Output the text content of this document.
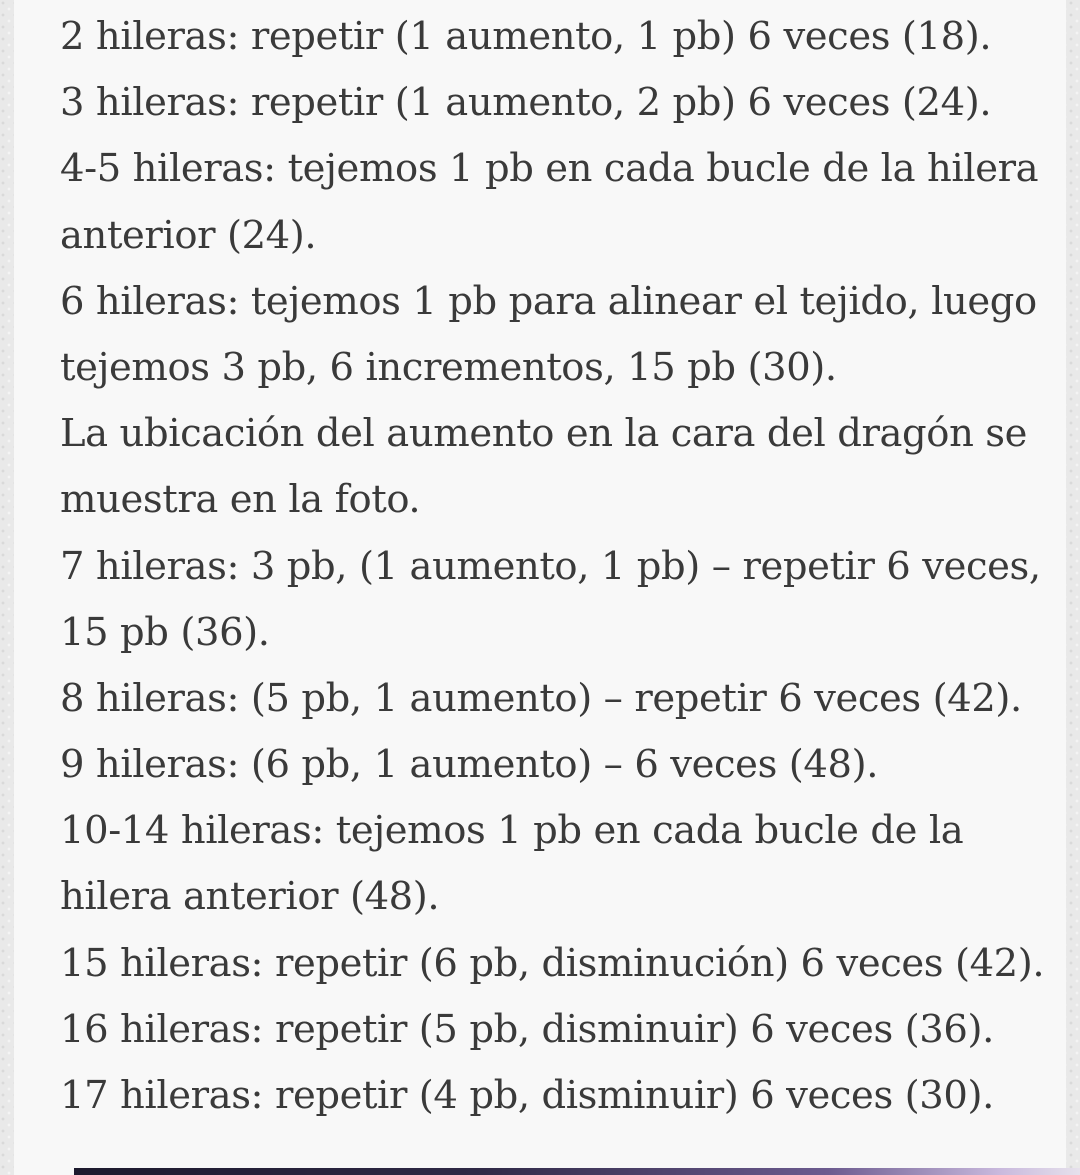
2 hileras: repetir (1 aumento, 1 pb) 6 veces (18).

3 hileras: repetir (1 aumento, 2 pb) 6 veces (24).

4-5 hileras: tejemos 1 pb en cada bucle de la hilera

anterior (24).

6 hileras: tejemos 1 pb para alinear el tejido, luego

tejemos 3 pb, 6 incrementos, 15 pb (30).

La ubicación del aumento en la cara del dragón se

muestra en la foto.

7 hileras: 3 pb, (1 aumento, 1 pb) – repetir 6 veces,

15 pb (36).

8 hileras: (5 pb, 1 aumento) – repetir 6 veces (42).

9 hileras: (6 pb, 1 aumento) – 6 veces (48).

10-14 hileras: tejemos 1 pb en cada bucle de la

hilera anterior (48).

15 hileras: repetir (6 pb, disminución) 6 veces (42).

16 hileras: repetir (5 pb, disminuir) 6 veces (36).

17 hileras: repetir (4 pb, disminuir) 6 veces (30).
